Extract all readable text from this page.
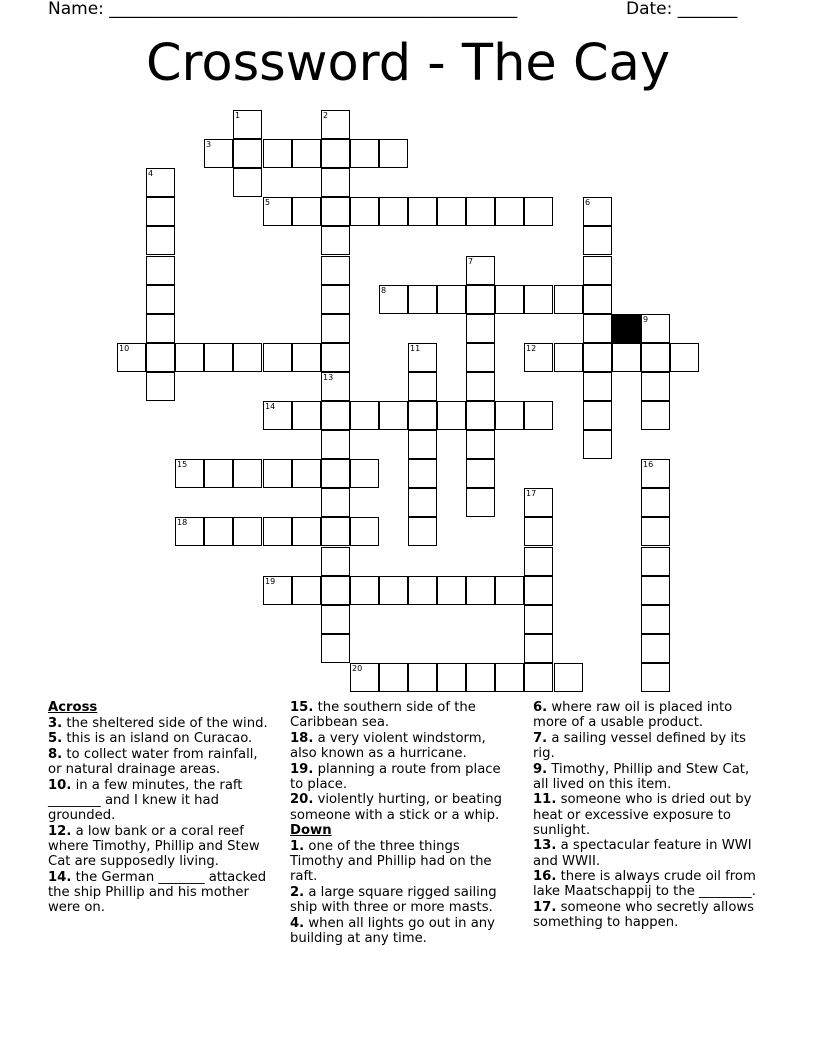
Name: ________________________________________________	Date: _______
Crossword - The Cay
3
5
8
10	12
14
15
18
19
20
1	2
13
4
6
7
9
11
16
17
Across
3. the sheltered side of the wind.
5. this is an island on Curacao.
8. to collect water from rainfall, or natural drainage areas.
10. in a few minutes, the raft ________ and I knew it had grounded.
12. a low bank or a coral reef where Timothy, Phillip and Stew Cat are supposedly living.
14. the German _______ attacked the ship Phillip and his mother were on.
15. the southern side of the Caribbean sea.
18. a very violent windstorm, also known as a hurricane.
19. planning a route from place to place.
20. violently hurting, or beating someone with a stick or a whip.
Down
1. one of the three things Timothy and Phillip had on the raft.
2. a large square rigged sailing ship with three or more masts.
4. when all lights go out in any building at any time.
6. where raw oil is placed into more of a usable product.
7. a sailing vessel defined by its rig.
9. Timothy, Phillip and Stew Cat, all lived on this item.
11. someone who is dried out by heat or excessive exposure to sunlight.
13. a spectacular feature in WWI and WWII.
16. there is always crude oil from lake Maatschappij to the ________.
17. someone who secretly allows something to happen.
